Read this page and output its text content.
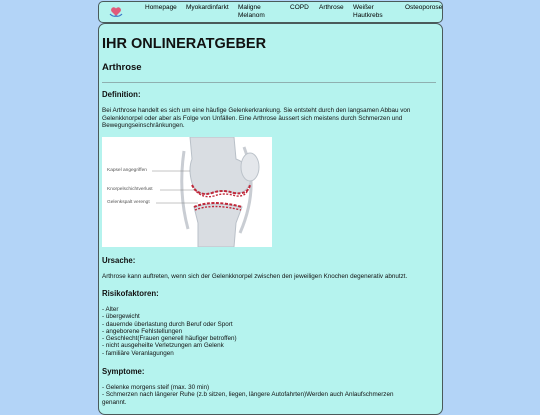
Homepage Myokardinfarkt Maligne Melanom
COPD Arthrose Weißer Hautkrebs
Osteoporose
IHR ONLINERATGEBER
Arthrose
Definition:

Bei Arthrose handelt es sich um eine häufige Gelenkerkrankung. Sie entsteht durch den langsamen Abbau von Gelenkknorpel oder aber als Folge von Unfällen. Eine Arthrose äussert sich meistens durch Schmerzen und Bewegungseinschränkungen.

Kapsel angegriffen
Knorpelschichtverlust
Gelenkspalt verengt
Ursache:

Arthrose kann auftreten, wenn sich der Gelenkknorpel zwischen den jeweiligen Knochen degenerativ abnutzt.

Risikofaktoren:
- Alter
- übergewicht
- dauernde überlastung durch Beruf oder Sport
- angeborene Fehlstellungen
- Geschlecht(Frauen generell häufiger betroffen)
- nicht ausgeheilte Verletzungen am Gelenk
- familiäre Veranlagungen
Symptome:
- Gelenke morgens steif (max. 30 min)
- Schmerzen nach längerer Ruhe (z.b sitzen, liegen, längere Autofahrten)Werden auch Anlaufschmerzen
genannt.
